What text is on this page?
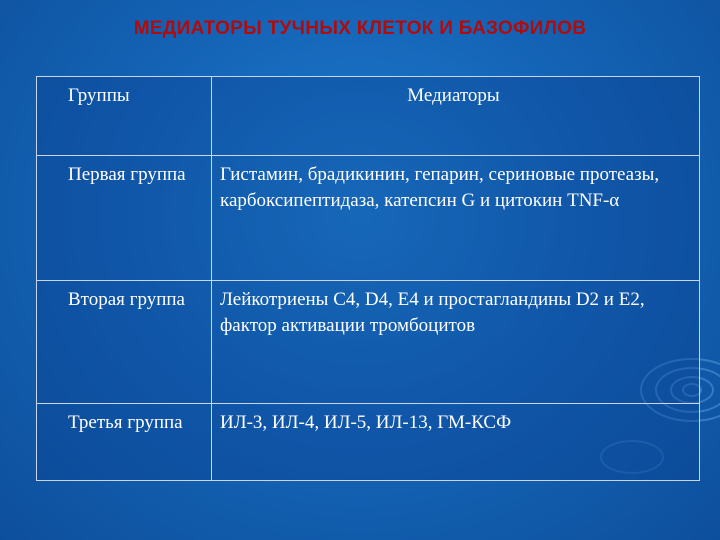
МЕДИАТОРЫ ТУЧНЫХ КЛЕТОК И БАЗОФИЛОВ
Группы	Медиаторы
Первая группа	Гистамин, брадикинин, гепарин, сериновые протеазы, карбоксипептидаза, катепсин G и цитокин TNF-α
Вторая группа	Лейкотриены С4, D4, E4 и простагландины D2 и E2, фактор активации тромбоцитов
Третья группа	ИЛ-3, ИЛ-4, ИЛ-5, ИЛ-13, ГМ-КСФ
